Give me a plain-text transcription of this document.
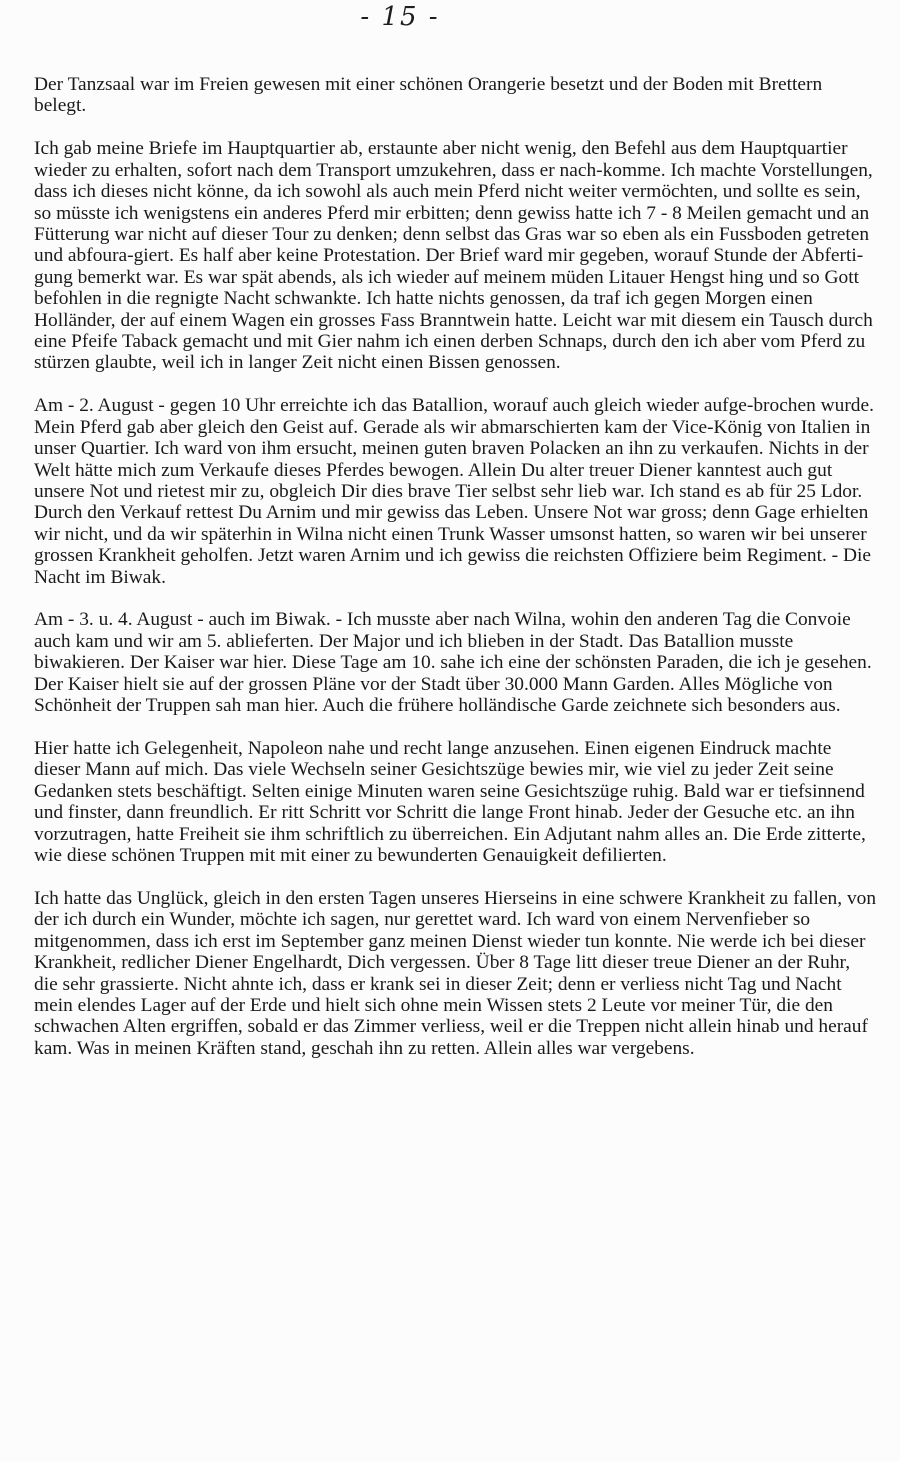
- 15 -

Der Tanzsaal war im Freien gewesen mit einer schönen Orangerie besetzt und der Boden mit Brettern belegt.

Ich gab meine Briefe im Hauptquartier ab, erstaunte aber nicht wenig, den Befehl aus dem Hauptquartier wieder zu erhalten, sofort nach dem Transport umzukehren, dass er nach-komme. Ich machte Vorstellungen, dass ich dieses nicht könne, da ich sowohl als auch mein Pferd nicht weiter vermöchten, und sollte es sein, so müsste ich wenigstens ein anderes Pferd mir erbitten; denn gewiss hatte ich 7 - 8 Meilen gemacht und an Fütterung war nicht auf dieser Tour zu denken; denn selbst das Gras war so eben als ein Fussboden getreten und abfoura-giert. Es half aber keine Protestation. Der Brief ward mir gegeben, worauf Stunde der Abferti-gung bemerkt war. Es war spät abends, als ich wieder auf meinem müden Litauer Hengst hing und so Gott befohlen in die regnigte Nacht schwankte. Ich hatte nichts genossen, da traf ich gegen Morgen einen Holländer, der auf einem Wagen ein grosses Fass Branntwein hatte. Leicht war mit diesem ein Tausch durch eine Pfeife Taback gemacht und mit Gier nahm ich einen derben Schnaps, durch den ich aber vom Pferd zu stürzen glaubte, weil ich in langer Zeit nicht einen Bissen genossen.

Am - 2. August - gegen 10 Uhr erreichte ich das Batallion, worauf auch gleich wieder aufge-brochen wurde. Mein Pferd gab aber gleich den Geist auf. Gerade als wir abmarschierten kam der Vice-König von Italien in unser Quartier. Ich ward von ihm ersucht, meinen guten braven Polacken an ihn zu verkaufen. Nichts in der Welt hätte mich zum Verkaufe dieses Pferdes bewogen. Allein Du alter treuer Diener kanntest auch gut unsere Not und rietest mir zu, obgleich Dir dies brave Tier selbst sehr lieb war. Ich stand es ab für 25 Ldor. Durch den Verkauf rettest Du Arnim und mir gewiss das Leben. Unsere Not war gross; denn Gage erhielten wir nicht, und da wir späterhin in Wilna nicht einen Trunk Wasser umsonst hatten, so waren wir bei unserer grossen Krankheit geholfen. Jetzt waren Arnim und ich gewiss die reichsten Offiziere beim Regiment. - Die Nacht im Biwak.

Am - 3. u. 4. August - auch im Biwak. - Ich musste aber nach Wilna, wohin den anderen Tag die Convoie auch kam und wir am 5. ablieferten. Der Major und ich blieben in der Stadt. Das Batallion musste biwakieren. Der Kaiser war hier. Diese Tage am 10. sahe ich eine der schönsten Paraden, die ich je gesehen. Der Kaiser hielt sie auf der grossen Pläne vor der Stadt über 30.000 Mann Garden. Alles Mögliche von Schönheit der Truppen sah man hier. Auch die frühere holländische Garde zeichnete sich besonders aus.

Hier hatte ich Gelegenheit, Napoleon nahe und recht lange anzusehen. Einen eigenen Eindruck machte dieser Mann auf mich. Das viele Wechseln seiner Gesichtszüge bewies mir, wie viel zu jeder Zeit seine Gedanken stets beschäftigt. Selten einige Minuten waren seine Gesichtszüge ruhig. Bald war er tiefsinnend und finster, dann freundlich. Er ritt Schritt vor Schritt die lange Front hinab. Jeder der Gesuche etc. an ihn vorzutragen, hatte Freiheit sie ihm schriftlich zu überreichen. Ein Adjutant nahm alles an. Die Erde zitterte, wie diese schönen Truppen mit mit einer zu bewunderten Genauigkeit defilierten.

Ich hatte das Unglück, gleich in den ersten Tagen unseres Hierseins in eine schwere Krankheit zu fallen, von der ich durch ein Wunder, möchte ich sagen, nur gerettet ward. Ich ward von einem Nervenfieber so mitgenommen, dass ich erst im September ganz meinen Dienst wieder tun konnte. Nie werde ich bei dieser Krankheit, redlicher Diener Engelhardt, Dich vergessen. Über 8 Tage litt dieser treue Diener an der Ruhr, die sehr grassierte. Nicht ahnte ich, dass er krank sei in dieser Zeit; denn er verliess nicht Tag und Nacht mein elendes Lager auf der Erde und hielt sich ohne mein Wissen stets 2 Leute vor meiner Tür, die den schwachen Alten ergriffen, sobald er das Zimmer verliess, weil er die Treppen nicht allein hinab und herauf kam. Was in meinen Kräften stand, geschah ihn zu retten. Allein alles war vergebens.
